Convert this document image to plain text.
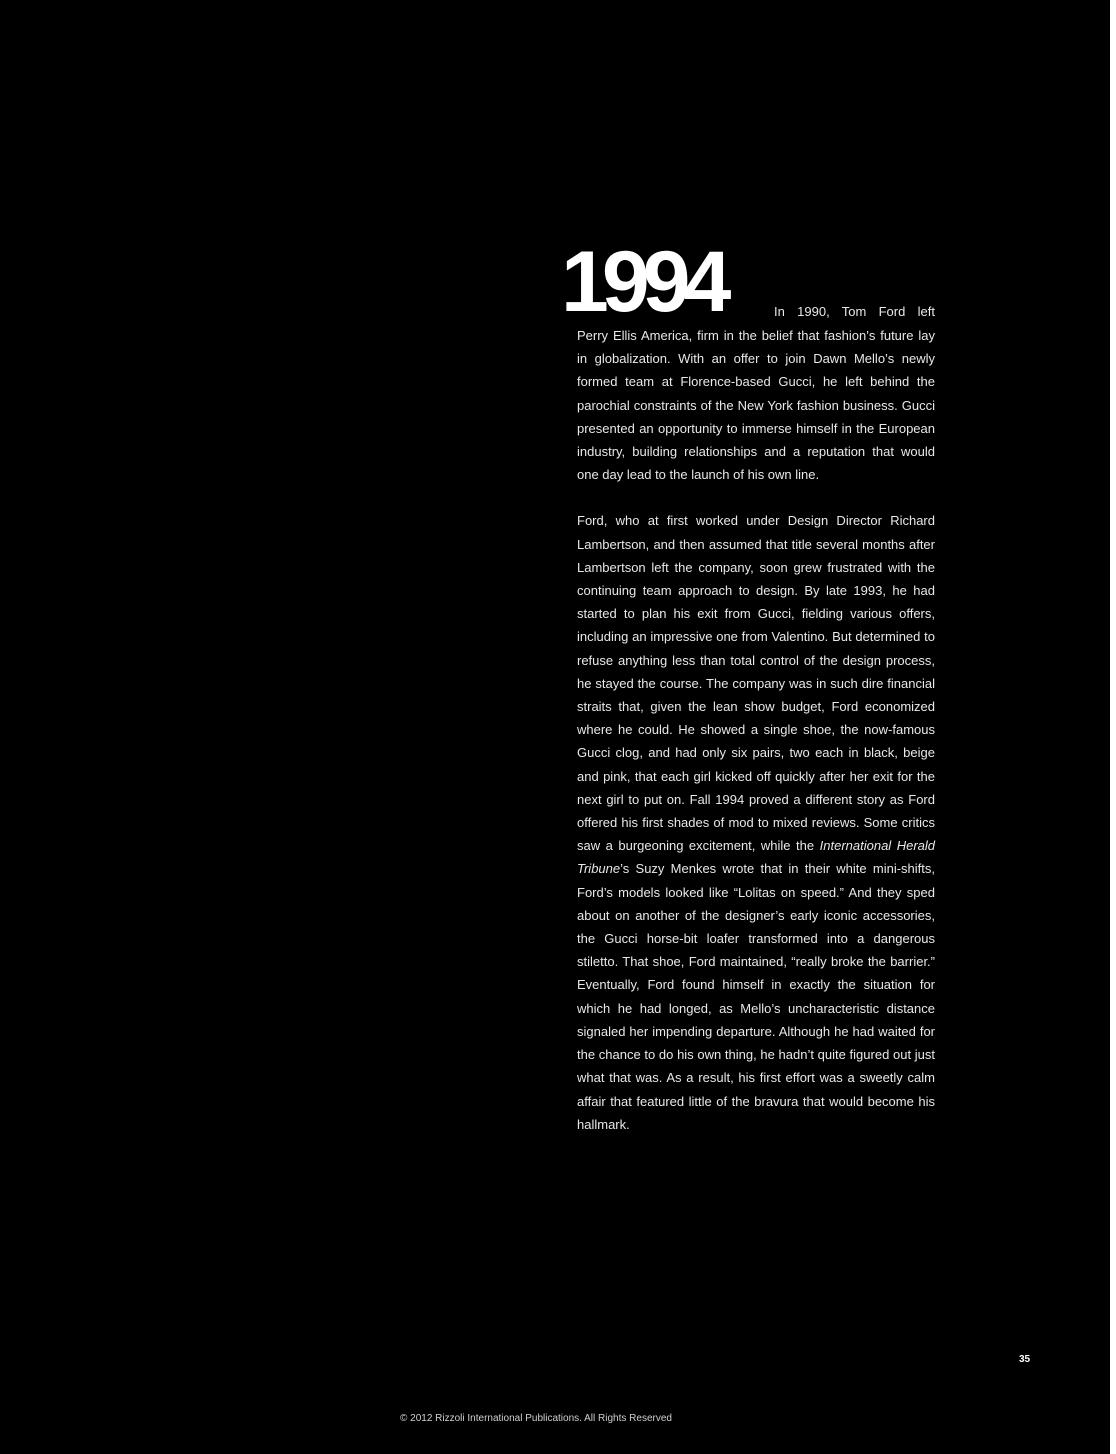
1994	In 1990, Tom Ford left

Perry Ellis America, firm in the belief that fashion’s future lay in globalization. With an offer to join Dawn Mello’s newly formed team at Florence-based Gucci, he left behind the parochial constraints of the New York fashion business. Gucci presented an opportunity to immerse himself in the European industry, building relationships and a reputation that would one day lead to the launch of his own line.

Ford, who at first worked under Design Director Richard Lambertson, and then assumed that title several months after Lambertson left the company, soon grew frustrated with the continuing team approach to design. By late 1993, he had started to plan his exit from Gucci, fielding various offers, including an impressive one from Valentino. But determined to refuse anything less than total control of the design process, he stayed the course. The company was in such dire financial straits that, given the lean show budget, Ford economized where he could. He showed a single shoe, the now-famous Gucci clog, and had only six pairs, two each in black, beige and pink, that each girl kicked off quickly after her exit for the next girl to put on. Fall 1994 proved a different story as Ford offered his first shades of mod to mixed reviews. Some critics saw a burgeoning excitement, while the International Herald Tribune’s Suzy Menkes wrote that in their white mini-shifts, Ford’s models looked like “Lolitas on speed.” And they sped about on another of the designer’s early iconic accessories, the Gucci horse-bit loafer transformed into a dangerous stiletto. That shoe, Ford maintained, “really broke the barrier.” Eventually, Ford found himself in exactly the situation for which he had longed, as Mello’s uncharacteristic distance signaled her impending departure. Although he had waited for the chance to do his own thing, he hadn’t quite figured out just what that was. As a result, his first effort was a sweetly calm affair that featured little of the bravura that would become his hallmark.

35
© 2012 Rizzoli International Publications. All Rights Reserved
